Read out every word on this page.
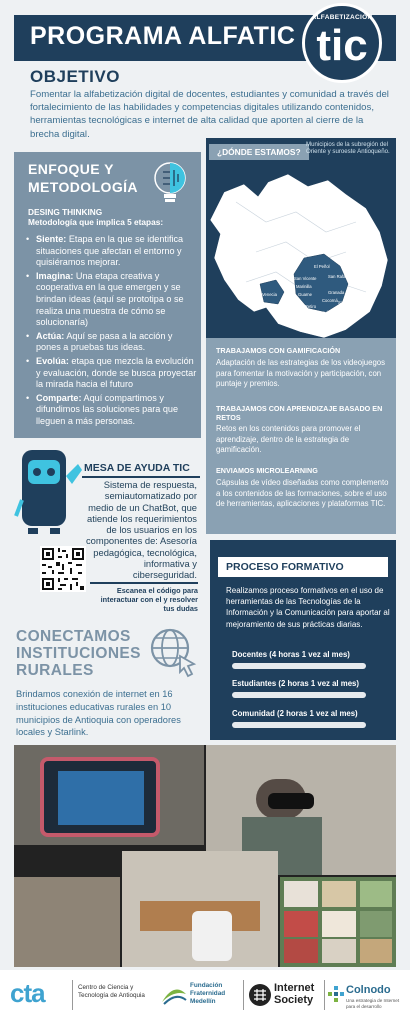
PROGRAMA ALFATIC
ALFABETIZACIÓN
tic
OBJETIVO
Fomentar la alfabetización digital de docentes, estudiantes y comunidad a través del fortalecimiento de las habilidades y competencias digitales utilizando contenidos, herramientas tecnológicas e internet de alta calidad que aporten al cierre de la brecha digital.
ENFOQUE Y METODOLOGÍA
DESING THINKING
Metodología que implica 5 etapas:
• Siente: Etapa en la que se identifica situaciones que afectan el entorno y quisiéramos mejorar.
• Imagina: Una etapa creativa y cooperativa en la que emergen y se brindan ideas (aquí se prototipa o se realiza una muestra de cómo se solucionaría)
• Actúa: Aquí se pasa a la acción y pones a pruebas tus ideas.
• Evolúa: etapa que mezcla la evolución y evaluación, donde se busca proyectar la mirada hacia el futuro
• Comparte: Aquí compartimos y difundimos las soluciones para que lleguen a más personas.
El Peñol
San Vicente	San Rafael
Marinilla
Guarne	Granada
Venecia
Cocorná San Luis
El Retiro
Carmen de Viboral
¿DÓNDE ESTAMOS?
Municipios de la subregión del Oriente y suroeste Antioqueño.
TRABAJAMOS CON GAMIFICACIÓN
Adaptación de las estrategias de los videojuegos para fomentar la motivación y participación, con puntaje y premios.
TRABAJAMOS CON APRENDIZAJE BASADO EN RETOS
Retos en los contenidos para promover el aprendizaje, dentro de la estrategia de gamificación.
ENVIAMOS MICROLEARNING
Cápsulas de vídeo diseñadas como complemento a los contenidos de las formaciones, sobre el uso de herramientas, aplicaciones y plataformas TIC.
MESA DE AYUDA TIC
Sistema de respuesta, semiautomatizado por medio de un ChatBot, que atiende los requerimientos de los usuarios en los componentes de: Asesoría pedagógica, tecnológica, informativa y ciberseguridad.
Escanea el código para interactuar con el y resolver tus dudas
CONECTAMOS INSTITUCIONES RURALES
Brindamos conexión de internet en 16 instituciones educativas rurales en 10 municipios de Antioquia con operadores locales y Starlink.
PROCESO FORMATIVO
Realizamos proceso formativos en el uso de herramientas de las Tecnologías de la Información y la Comunicación para aportar al mejoramiento de sus prácticas diarias.
Docentes (4 horas 1 vez al mes)
Estudiantes (2 horas 1 vez al mes)
Comunidad (2 horas 1 vez al mes)
cta	Centro de Ciencia y Tecnología de Antioquia
Fundación Fraternidad Medellín
Internet Society
Colnodo
Una estrategia de Internet para el desarrollo
